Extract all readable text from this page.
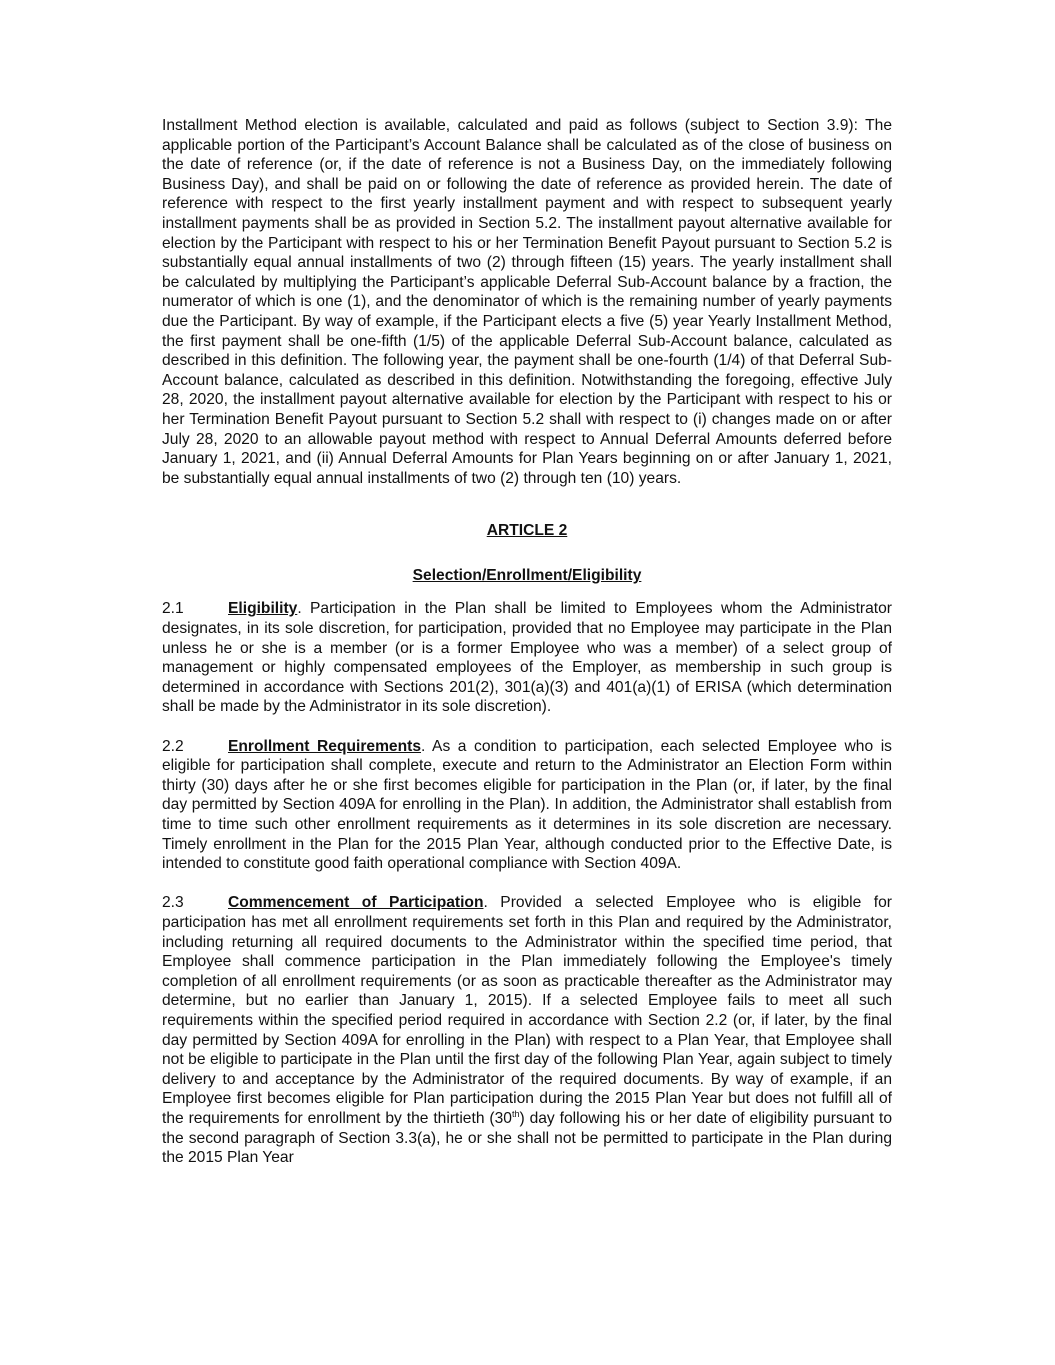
Installment Method election is available, calculated and paid as follows (subject to Section 3.9): The applicable portion of the Participant’s Account Balance shall be calculated as of the close of business on the date of reference (or, if the date of reference is not a Business Day, on the immediately following Business Day), and shall be paid on or following the date of reference as provided herein. The date of reference with respect to the first yearly installment payment and with respect to subsequent yearly installment payments shall be as provided in Section 5.2. The installment payout alternative available for election by the Participant with respect to his or her Termination Benefit Payout pursuant to Section 5.2 is substantially equal annual installments of two (2) through fifteen (15) years. The yearly installment shall be calculated by multiplying the Participant’s applicable Deferral Sub-Account balance by a fraction, the numerator of which is one (1), and the denominator of which is the remaining number of yearly payments due the Participant. By way of example, if the Participant elects a five (5) year Yearly Installment Method, the first payment shall be one-fifth (1/5) of the applicable Deferral Sub-Account balance, calculated as described in this definition. The following year, the payment shall be one-fourth (1/4) of that Deferral Sub-Account balance, calculated as described in this definition. Notwithstanding the foregoing, effective July 28, 2020, the installment payout alternative available for election by the Participant with respect to his or her Termination Benefit Payout pursuant to Section 5.2 shall with respect to (i) changes made on or after July 28, 2020 to an allowable payout method with respect to Annual Deferral Amounts deferred before January 1, 2021, and (ii) Annual Deferral Amounts for Plan Years beginning on or after January 1, 2021, be substantially equal annual installments of two (2) through ten (10) years.

ARTICLE 2

Selection/Enrollment/Eligibility

2.1	Eligibility. Participation in the Plan shall be limited to Employees whom the Administrator designates, in its sole discretion, for participation, provided that no Employee may participate in the Plan unless he or she is a member (or is a former Employee who was a member) of a select group of management or highly compensated employees of the Employer, as membership in such group is determined in accordance with Sections 201(2), 301(a)(3) and 401(a)(1) of ERISA (which determination shall be made by the Administrator in its sole discretion).

2.2	Enrollment Requirements. As a condition to participation, each selected Employee who is eligible for participation shall complete, execute and return to the Administrator an Election Form within thirty (30) days after he or she first becomes eligible for participation in the Plan (or, if later, by the final day permitted by Section 409A for enrolling in the Plan). In addition, the Administrator shall establish from time to time such other enrollment requirements as it determines in its sole discretion are necessary. Timely enrollment in the Plan for the 2015 Plan Year, although conducted prior to the Effective Date, is intended to constitute good faith operational compliance with Section 409A.

2.3	Commencement of Participation. Provided a selected Employee who is eligible for participation has met all enrollment requirements set forth in this Plan and required by the Administrator, including returning all required documents to the Administrator within the specified time period, that Employee shall commence participation in the Plan immediately following the Employee's timely completion of all enrollment requirements (or as soon as practicable thereafter as the Administrator may determine, but no earlier than January 1, 2015). If a selected Employee fails to meet all such requirements within the specified period required in accordance with Section 2.2 (or, if later, by the final day permitted by Section 409A for enrolling in the Plan) with respect to a Plan Year, that Employee shall not be eligible to participate in the Plan until the first day of the following Plan Year, again subject to timely delivery to and acceptance by the Administrator of the required documents. By way of example, if an Employee first becomes eligible for Plan participation during the 2015 Plan Year but does not fulfill all of the requirements for enrollment by the thirtieth (30th) day following his or her date of eligibility pursuant to the second paragraph of Section 3.3(a), he or she shall not be permitted to participate in the Plan during the 2015 Plan Year
